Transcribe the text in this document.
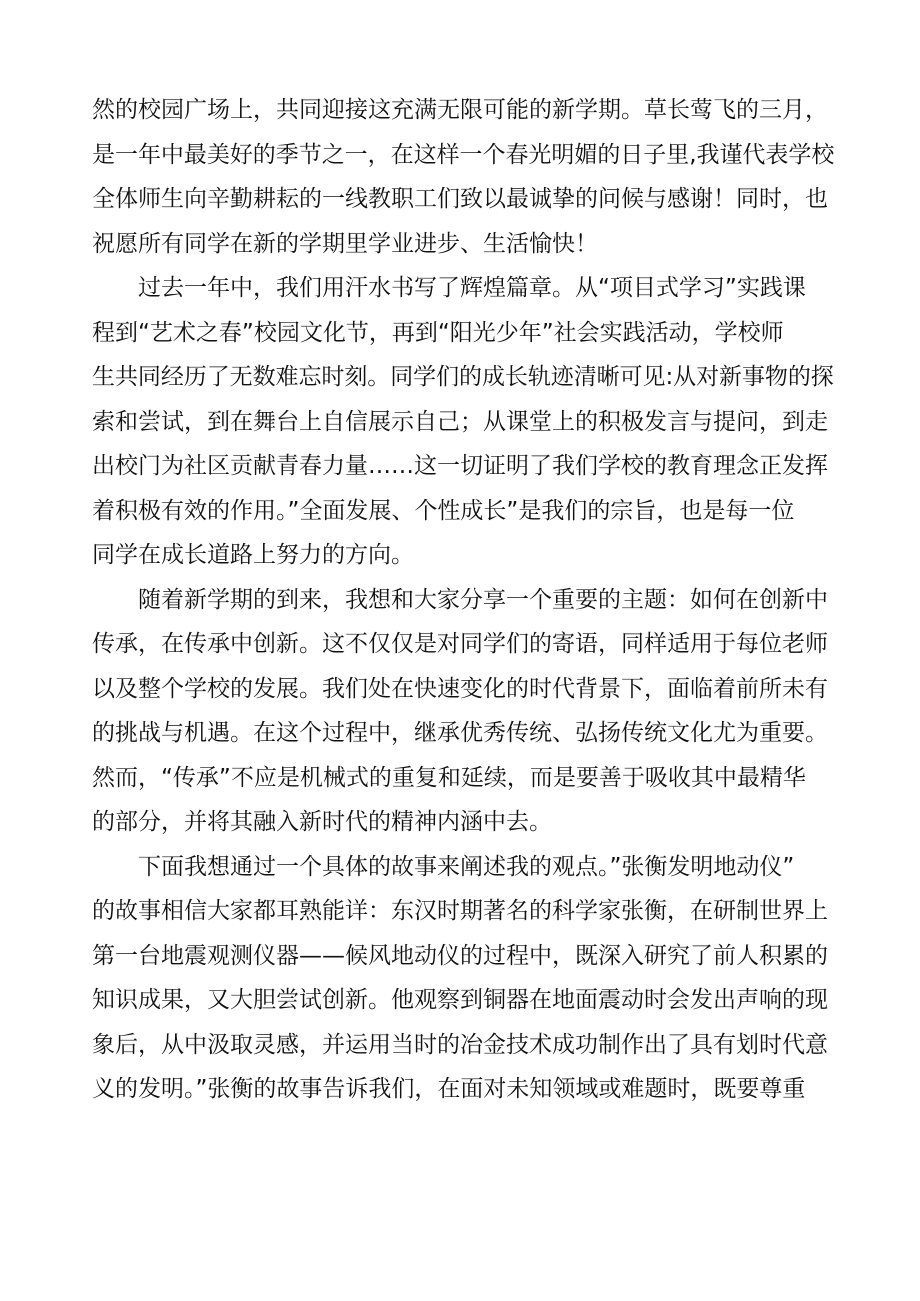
然的校园广场上，共同迎接这充满无限可能的新学期。草长莺飞的三月，
是一年中最美好的季节之一，在这样一个春光明媚的日子里,我谨代表学校
全体师生向辛勤耕耘的一线教职工们致以最诚挚的问候与感谢！同时，也
祝愿所有同学在新的学期里学业进步、生活愉快！
　　过去一年中，我们用汗水书写了辉煌篇章。从“项目式学习”实践课
程到“艺术之春”校园文化节，再到“阳光少年”社会实践活动，学校师
生共同经历了无数难忘时刻。同学们的成长轨迹清晰可见:从对新事物的探
索和尝试，到在舞台上自信展示自己；从课堂上的积极发言与提问，到走
出校门为社区贡献青春力量……这一切证明了我们学校的教育理念正发挥
着积极有效的作用。”全面发展、个性成长”是我们的宗旨，也是每一位
同学在成长道路上努力的方向。
　　随着新学期的到来，我想和大家分享一个重要的主题：如何在创新中
传承，在传承中创新。这不仅仅是对同学们的寄语，同样适用于每位老师
以及整个学校的发展。我们处在快速变化的时代背景下，面临着前所未有
的挑战与机遇。在这个过程中，继承优秀传统、弘扬传统文化尤为重要。
然而，“传承”不应是机械式的重复和延续，而是要善于吸收其中最精华
的部分，并将其融入新时代的精神内涵中去。
　　下面我想通过一个具体的故事来阐述我的观点。”张衡发明地动仪”
的故事相信大家都耳熟能详：东汉时期著名的科学家张衡，在研制世界上
第一台地震观测仪器——候风地动仪的过程中，既深入研究了前人积累的
知识成果，又大胆尝试创新。他观察到铜器在地面震动时会发出声响的现
象后，从中汲取灵感，并运用当时的冶金技术成功制作出了具有划时代意
义的发明。”张衡的故事告诉我们，在面对未知领域或难题时，既要尊重
